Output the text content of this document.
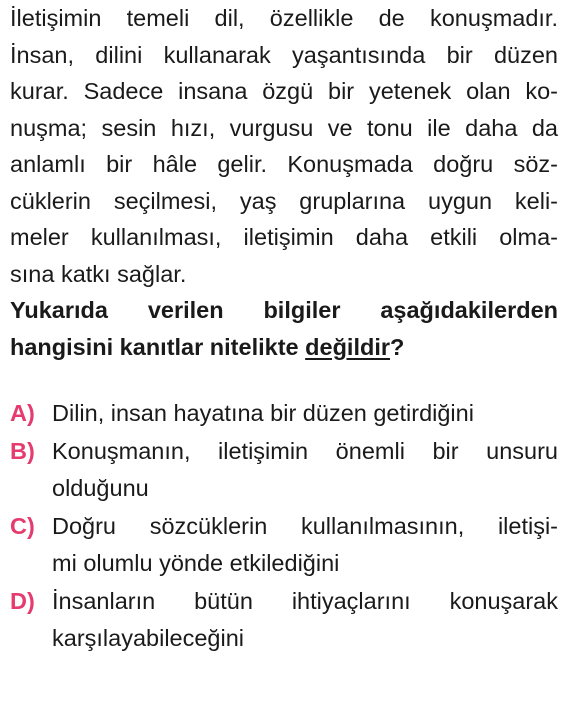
İletişimin temeli dil, özellikle de konuşmadır.
İnsan, dilini kullanarak yaşantısında bir düzen
kurar. Sadece insana özgü bir yetenek olan ko-
nuşma; sesin hızı, vurgusu ve tonu ile daha da
anlamlı bir hâle gelir. Konuşmada doğru söz-
cüklerin seçilmesi, yaş gruplarına uygun keli-
meler kullanılması, iletişimin daha etkili olma-
sına katkı sağlar.
Yukarıda verilen bilgiler aşağıdakilerden
hangisini kanıtlar nitelikte değildir?
A) Dilin, insan hayatına bir düzen getirdiğini
B) Konuşmanın, iletişimin önemli bir unsuru
olduğunu
C) Doğru sözcüklerin kullanılmasının, iletişi-
mi olumlu yönde etkilediğini
D) İnsanların bütün ihtiyaçlarını konuşarak
karşılayabileceğini
